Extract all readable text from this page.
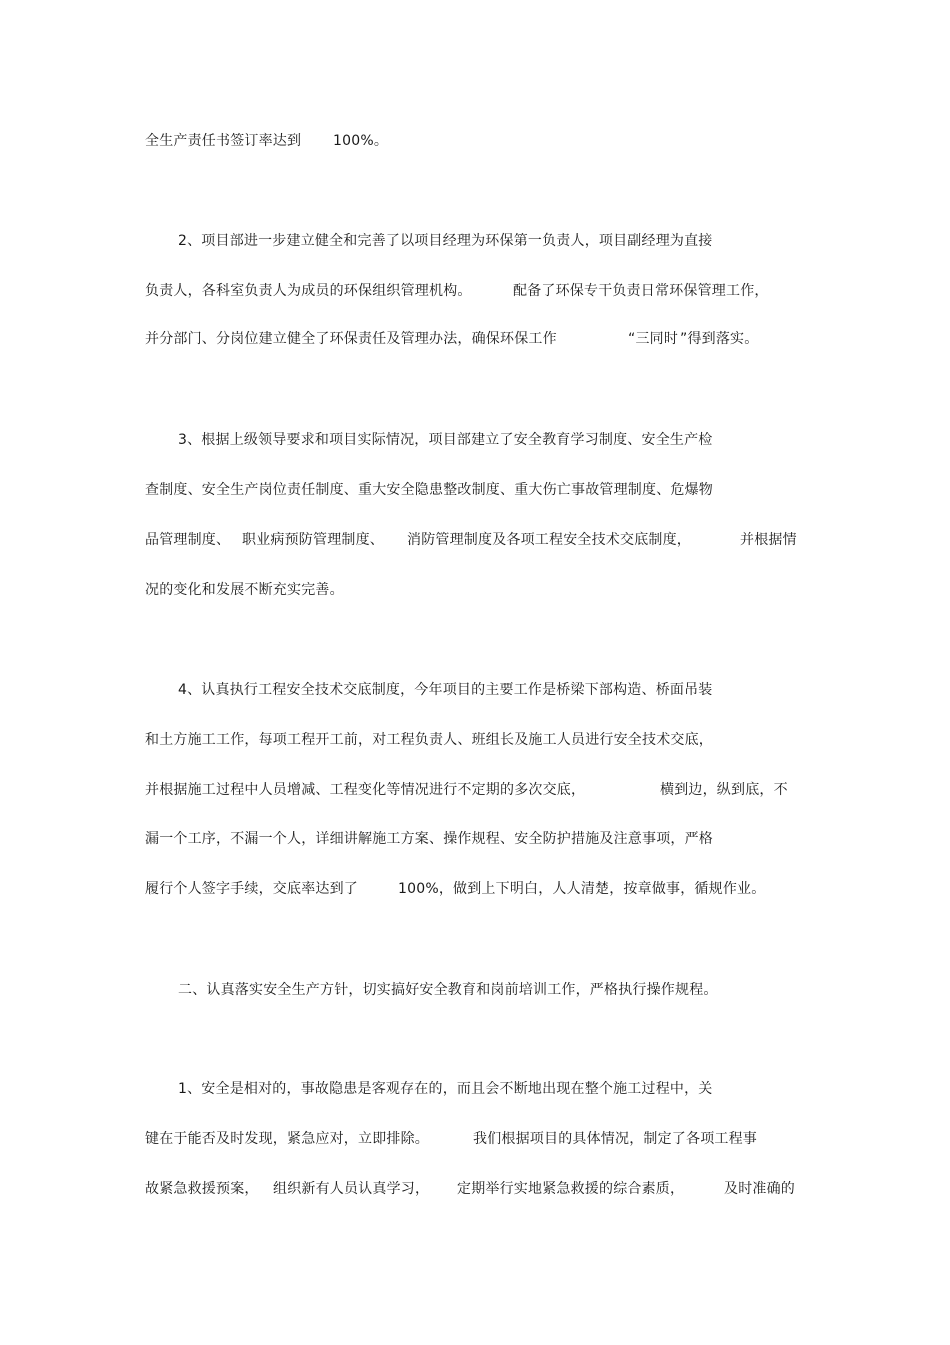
全生产责任书签订率达到 100%。
2、项目部进一步建立健全和完善了以项目经理为环保第一负责人，项目副经理为直接
负责人，各科室负责人为成员的环保组织管理机构。	配备了环保专干负责日常环保管理工作，
并分部门、分岗位建立健全了环保责任及管理办法，确保环保工作	“三同时 ”得到落实。
3、根据上级领导要求和项目实际情况，项目部建立了安全教育学习制度、安全生产检
查制度、安全生产岗位责任制度、重大安全隐患整改制度、重大伤亡事故管理制度、危爆物
品管理制度、 职业病预防管理制度、 消防管理制度及各项工程安全技术交底制度，	并根据情
况的变化和发展不断充实完善。
4、认真执行工程安全技术交底制度，今年项目的主要工作是桥梁下部构造、桥面吊装
和土方施工工作，每项工程开工前，对工程负责人、班组长及施工人员进行安全技术交底，
并根据施工过程中人员增减、工程变化等情况进行不定期的多次交底，	横到边，纵到底，不
漏一个工序，不漏一个人，详细讲解施工方案、操作规程、安全防护措施及注意事项，严格
履行个人签字手续，交底率达到了	100%，做到上下明白，人人清楚，按章做事，循规作业。
二、认真落实安全生产方针，切实搞好安全教育和岗前培训工作，严格执行操作规程。
1、安全是相对的，事故隐患是客观存在的，而且会不断地出现在整个施工过程中，关
键在于能否及时发现，紧急应对，立即排除。	我们根据项目的具体情况，制定了各项工程事
故紧急救援预案， 组织新有人员认真学习， 定期举行实地紧急救援的综合素质，	及时准确的
